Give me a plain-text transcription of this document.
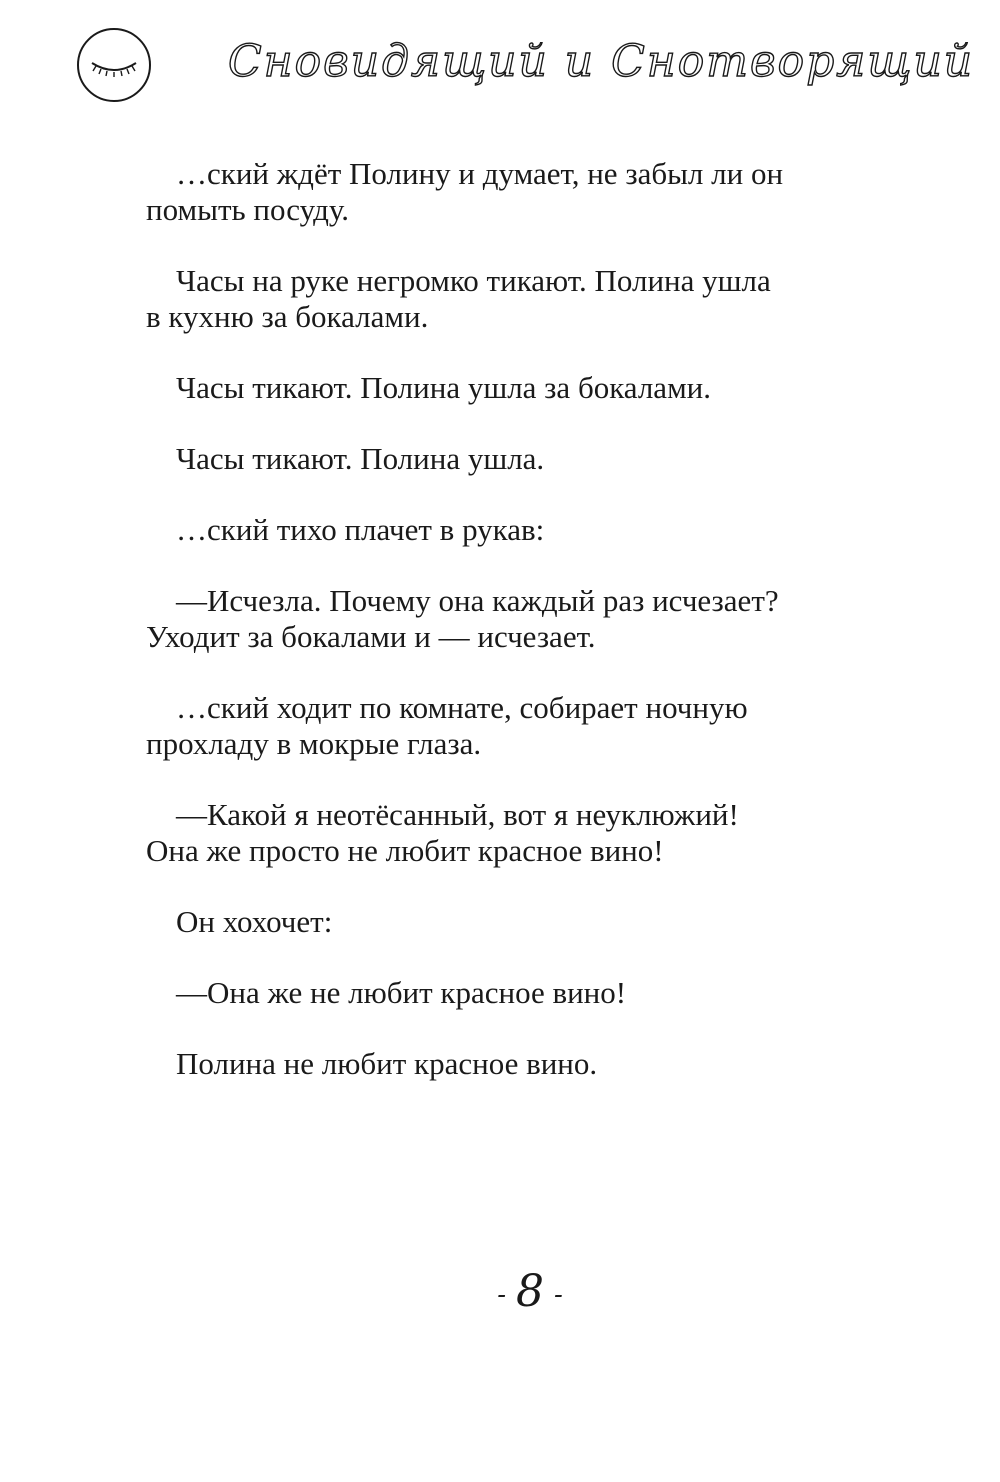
Сновидящий и Снотворящий

…ский ждёт Полину и думает, не забыл ли он
помыть посуду.

Часы на руке негромко тикают. Полина ушла
в кухню за бокалами.

Часы тикают. Полина ушла за бокалами.

Часы тикают. Полина ушла.

…ский тихо плачет в рукав:

—Исчезла. Почему она каждый раз исчезает?
Уходит за бокалами и — исчезает.

…ский ходит по комнате, собирает ночную
прохладу в мокрые глаза.

—Какой я неотёсанный, вот я неуклюжий!
Она же просто не любит красное вино!

Он хохочет:

—Она же не любит красное вино!

Полина не любит красное вино.

- 8 -
